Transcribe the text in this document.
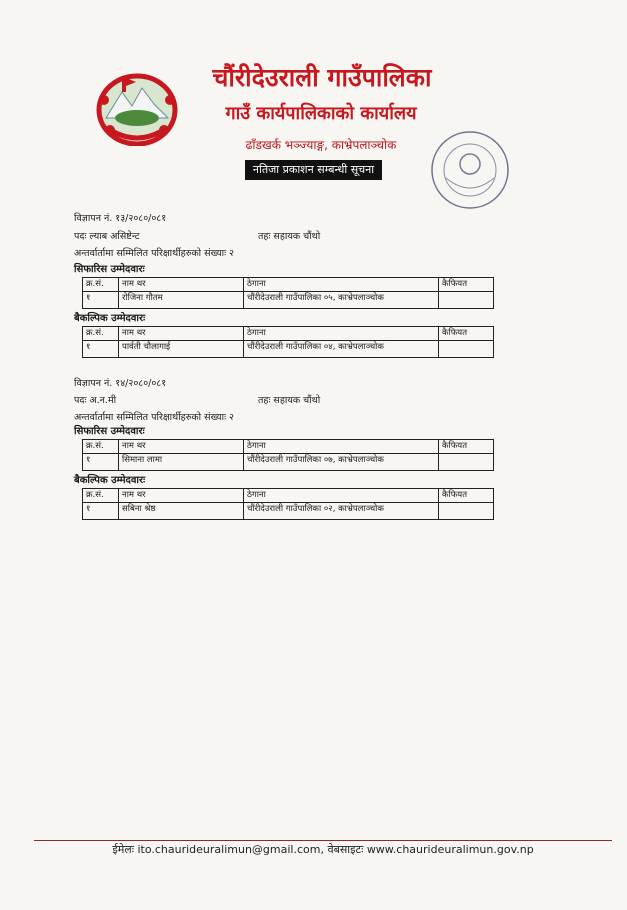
चौंरीदेउराली गाउँपालिका
गाउँ कार्यपालिकाको कार्यालय
ढाँडखर्क भञ्ज्याङ्ग, काभ्रेपलाञ्चोक
नतिजा प्रकाशन सम्बन्धी सूचना
विज्ञापन नं. १३/२०८०/०८१
पदः ल्याब असिष्टेन्ट	तहः सहायक चौंथो
अन्तर्वार्तामा सम्मिलित परिक्षार्थीहरुको संख्याः २
सिफारिस उम्मेदवारः
क्र.सं.	नाम थर	ठेगाना	कैफियत
१	रोजिना गौतम	चौंरीदेउराली गाउँपालिका ०५, काभ्रेपलाञ्चोक	
बैकल्पिक उम्मेदवारः
क्र.सं.	नाम थर	ठेगाना	कैफियत
१	पार्वती चौलागाई	चौंरीदेउराली गाउँपालिका ०४, काभ्रेपलाञ्चोक	
विज्ञापन नं. १४/२०८०/०८१
पदः अ.न.मी	तहः सहायक चौंथो
अन्तर्वार्तामा सम्मिलित परिक्षार्थीहरुको संख्याः २
सिफारिस उम्मेदवारः
क्र.सं.	नाम थर	ठेगाना	कैफियत
१	सिमाना लामा	चौंरीदेउराली गाउँपालिका ०७, काभ्रेपलाञ्चोक	
बैकल्पिक उम्मेदवारः
क्र.सं.	नाम थर	ठेगाना	कैफियत
१	सबिना श्रेष्ठ	चौंरीदेउराली गाउँपालिका ०२, काभ्रेपलाञ्चोक	
ईमेलः ito.chaurideuralimun@gmail.com, वेबसाइटः www.chaurideuralimun.gov.np
